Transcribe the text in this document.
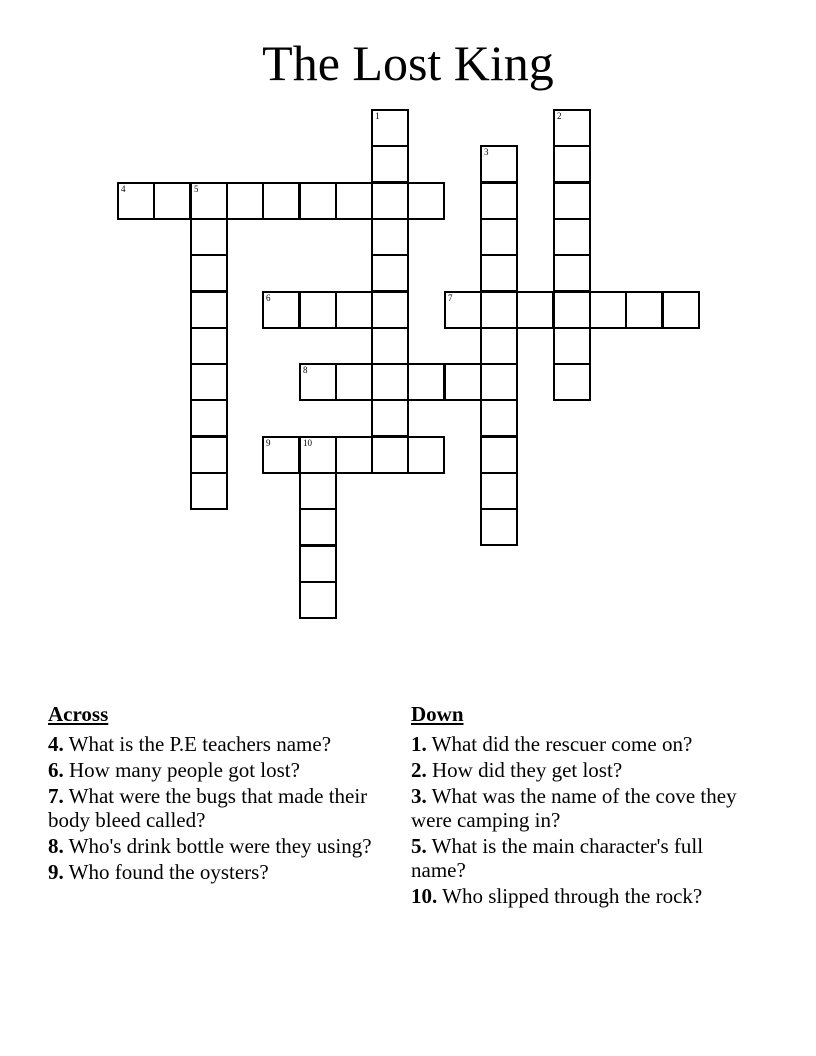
The Lost King
1	2
3
4	5
6	7
8
9	10
Across
4. What is the P.E teachers name?
6. How many people got lost?
7. What were the bugs that made their body bleed called?
8. Who's drink bottle were they using?
9. Who found the oysters?
Down
1. What did the rescuer come on?
2. How did they get lost?
3. What was the name of the cove they were camping in?
5. What is the main character's full name?
10. Who slipped through the rock?
